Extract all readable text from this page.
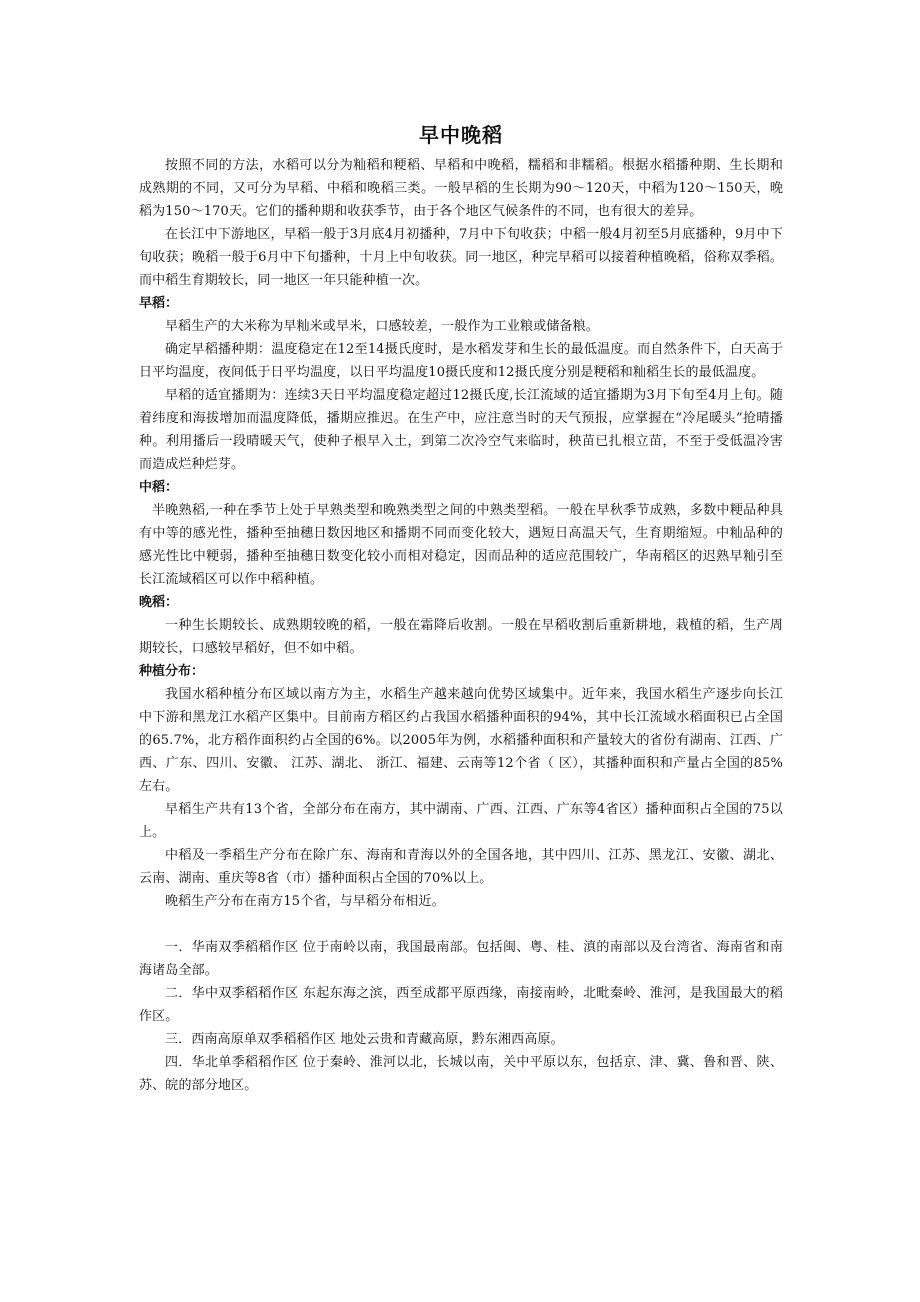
早中晚稻

按照不同的方法，水稻可以分为籼稻和粳稻、早稻和中晚稻，糯稻和非糯稻。根据水稻播种期、生长期和成熟期的不同，又可分为早稻、中稻和晚稻三类。一般早稻的生长期为90～120天，中稻为120～150天，晚稻为150～170天。它们的播种期和收获季节，由于各个地区气候条件的不同，也有很大的差异。

在长江中下游地区，早稻一般于3月底4月初播种，7月中下旬收获；中稻一般4月初至5月底播种，9月中下旬收获；晚稻一般于6月中下旬播种，十月上中旬收获。同一地区，种完早稻可以接着种植晚稻，俗称双季稻。而中稻生育期较长，同一地区一年只能种植一次。

早稻：

早稻生产的大米称为早籼米或早米，口感较差，一般作为工业粮或储备粮。

确定早稻播种期：温度稳定在12至14摄氏度时，是水稻发芽和生长的最低温度。而自然条件下，白天高于日平均温度，夜间低于日平均温度，以日平均温度10摄氏度和12摄氏度分别是粳稻和籼稻生长的最低温度。

早稻的适宜播期为：连续3天日平均温度稳定超过12摄氏度,长江流域的适宜播期为3月下旬至4月上旬。随着纬度和海拔增加而温度降低，播期应推迟。在生产中，应注意当时的天气预报，应掌握在“冷尾暖头”抢晴播种。利用播后一段晴暖天气，使种子根早入土，到第二次冷空气来临时，秧苗已扎根立苗，不至于受低温冷害而造成烂种烂芽。

中稻：

半晚熟稻,一种在季节上处于早熟类型和晚熟类型之间的中熟类型稻。一般在早秋季节成熟，多数中粳品种具有中等的感光性，播种至抽穗日数因地区和播期不同而变化较大，遇短日高温天气，生育期缩短。中籼品种的感光性比中粳弱，播种至抽穗日数变化较小而相对稳定，因而品种的适应范围较广，华南稻区的迟熟早籼引至长江流域稻区可以作中稻种植。

晚稻：

一种生长期较长、成熟期较晚的稻，一般在霜降后收割。一般在早稻收割后重新耕地，栽植的稻，生产周期较长，口感较早稻好，但不如中稻。

种植分布：

我国水稻种植分布区域以南方为主，水稻生产越来越向优势区域集中。近年来，我国水稻生产逐步向长江中下游和黑龙江水稻产区集中。目前南方稻区约占我国水稻播种面积的94%，其中长江流域水稻面积已占全国的65.7%，北方稻作面积约占全国的6%。以2005年为例，水稻播种面积和产量较大的省份有湖南、江西、广西、广东、四川、安徽、 江苏、湖北、 浙江、福建、云南等12个省（ 区），其播种面积和产量占全国的85%左右。

早稻生产共有13个省，全部分布在南方，其中湖南、广西、江西、广东等4省区）播种面积占全国的75以上。

中稻及一季稻生产分布在除广东、海南和青海以外的全国各地，其中四川、江苏、黑龙江、安徽、湖北、 云南、湖南、重庆等8省（市）播种面积占全国的70%以上。

晚稻生产分布在南方15个省，与早稻分布相近。

一．华南双季稻稻作区 位于南岭以南，我国最南部。包括闽、粤、桂、滇的南部以及台湾省、海南省和南海诸岛全部。

二．华中双季稻稻作区 东起东海之滨，西至成都平原西缘，南接南岭，北毗秦岭、淮河，是我国最大的稻作区。

三．西南高原单双季稻稻作区 地处云贵和青藏高原，黔东湘西高原。

四．华北单季稻稻作区 位于秦岭、淮河以北，长城以南，关中平原以东，包括京、津、冀、鲁和晋、陕、苏、皖的部分地区。
